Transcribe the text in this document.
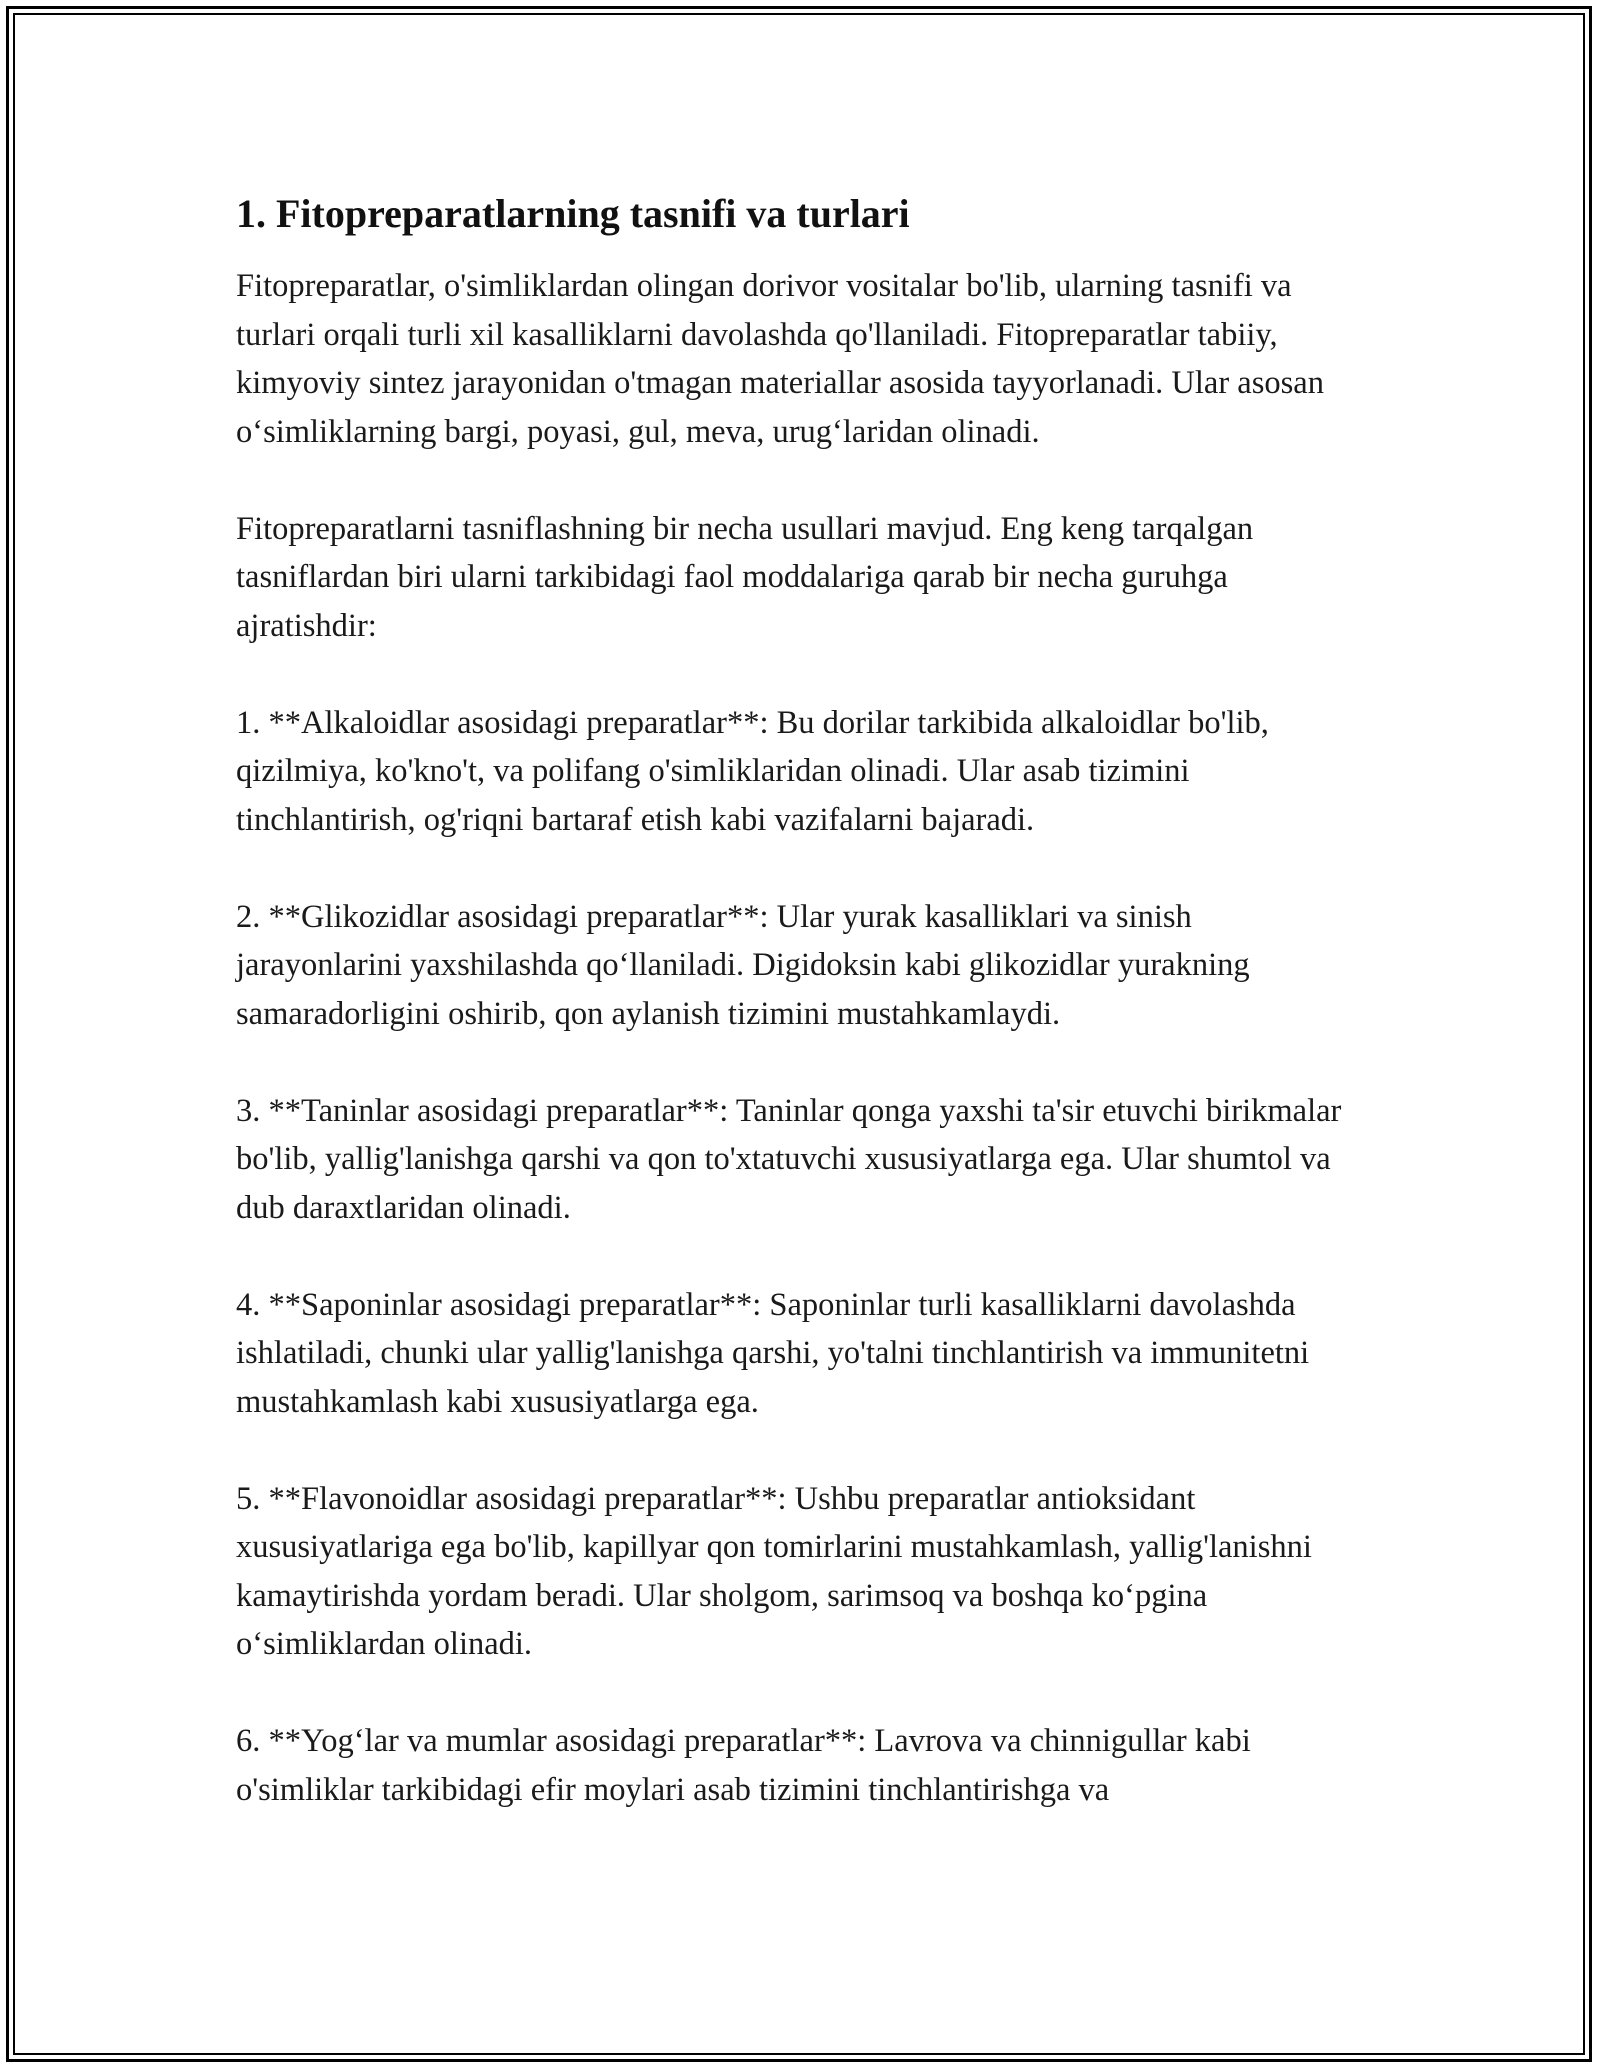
1. Fitopreparatlarning tasnifi va turlari

Fitopreparatlar, o'simliklardan olingan dorivor vositalar bo'lib, ularning tasnifi va turlari orqali turli xil kasalliklarni davolashda qo'llaniladi. Fitopreparatlar tabiiy, kimyoviy sintez jarayonidan o'tmagan materiallar asosida tayyorlanadi. Ular asosan o‘simliklarning bargi, poyasi, gul, meva, urug‘laridan olinadi.

Fitopreparatlarni tasniflashning bir necha usullari mavjud. Eng keng tarqalgan tasniflardan biri ularni tarkibidagi faol moddalariga qarab bir necha guruhga ajratishdir:

1. **Alkaloidlar asosidagi preparatlar**: Bu dorilar tarkibida alkaloidlar bo'lib, qizilmiya, ko'kno't, va polifang o'simliklaridan olinadi. Ular asab tizimini tinchlantirish, og'riqni bartaraf etish kabi vazifalarni bajaradi.

2. **Glikozidlar asosidagi preparatlar**: Ular yurak kasalliklari va sinish jarayonlarini yaxshilashda qo‘llaniladi. Digidoksin kabi glikozidlar yurakning samaradorligini oshirib, qon aylanish tizimini mustahkamlaydi.

3. **Taninlar asosidagi preparatlar**: Taninlar qonga yaxshi ta'sir etuvchi birikmalar bo'lib, yallig'lanishga qarshi va qon to'xtatuvchi xususiyatlarga ega. Ular shumtol va dub daraxtlaridan olinadi.

4. **Saponinlar asosidagi preparatlar**: Saponinlar turli kasalliklarni davolashda ishlatiladi, chunki ular yallig'lanishga qarshi, yo'talni tinchlantirish va immunitetni mustahkamlash kabi xususiyatlarga ega.

5. **Flavonoidlar asosidagi preparatlar**: Ushbu preparatlar antioksidant xususiyatlariga ega bo'lib, kapillyar qon tomirlarini mustahkamlash, yallig'lanishni kamaytirishda yordam beradi. Ular sholgom, sarimsoq va boshqa ko‘pgina o‘simliklardan olinadi.

6. **Yog‘lar va mumlar asosidagi preparatlar**: Lavrova va chinnigullar kabi o'simliklar tarkibidagi efir moylari asab tizimini tinchlantirishga va
